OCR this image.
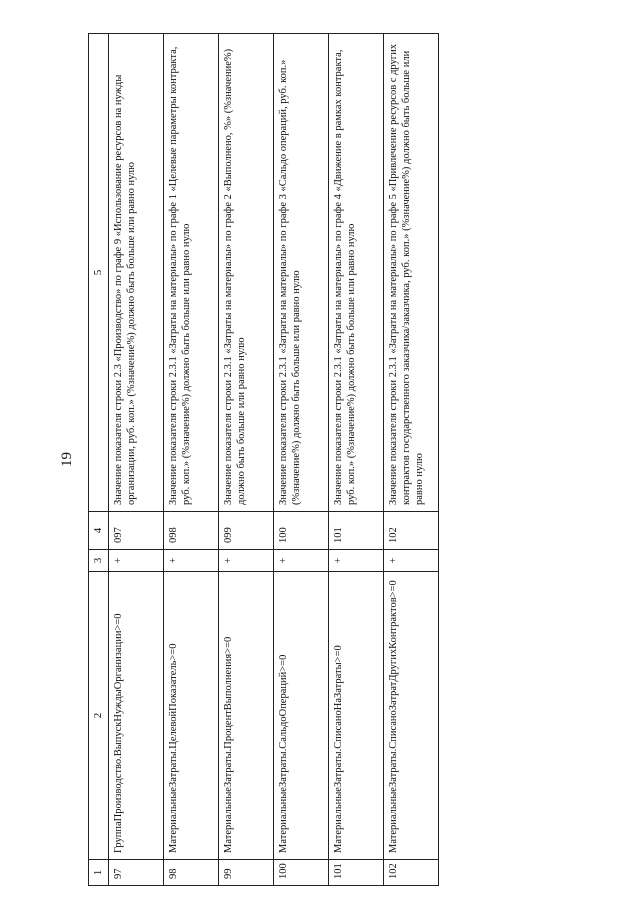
19
1	2	3	4	5
97	ГруппаПроизводство.ВыпускНуждыОрганизации>=0	+	097	Значение показателя строки 2.3 «Производство» по графе 9 «Использование ресурсов на нужды организации, руб. коп.» (%значение%) должно быть больше или равно нулю
98	МатериальныеЗатраты.ЦелевойПоказатель>=0	+	098	Значение показателя строки 2.3.1 «Затраты на материалы» по графе 1 «Целевые параметры контракта, руб. коп.» (%значение%) должно быть больше или равно нулю
99	МатериальныеЗатраты.ПроцентВыполнения>=0	+	099	Значение показателя строки 2.3.1 «Затраты на материалы» по графе 2 «Выполнено, %» (%значение%) должно быть больше или равно нулю
100	МатериальныеЗатраты.СальдоОпераций>=0	+	100	Значение показателя строки 2.3.1 «Затраты на материалы» по графе 3 «Сальдо операций, руб. коп.» (%значение%) должно быть больше или равно нулю
101	МатериальныеЗатраты.СписаноНаЗатраты>=0	+	101	Значение показателя строки 2.3.1 «Затраты на материалы» по графе 4 «Движение в рамках контракта, руб. коп.» (%значение%) должно быть больше или равно нулю
102	МатериальныеЗатраты.СписаноЗатратДругихКонтрактов>=0	+	102	Значение показателя строки 2.3.1 «Затраты на материалы» по графе 5 «Привлечение ресурсов с других контрактов государственного заказчика/заказчика, руб. коп.» (%значение%) должно быть больше или равно нулю
